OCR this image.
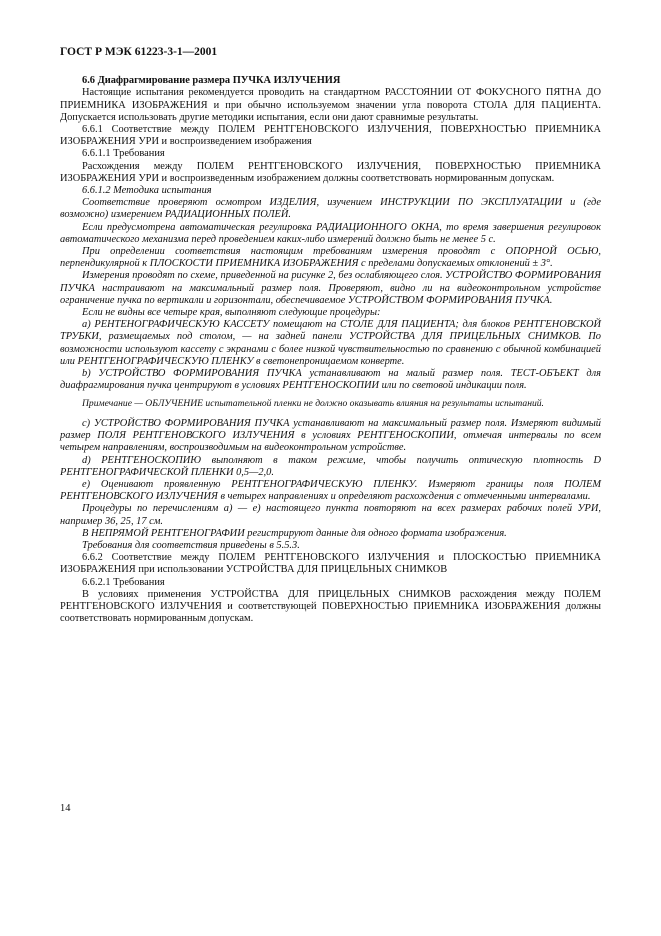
ГОСТ Р МЭК 61223-3-1—2001

6.6 Диафрагмирование размера ПУЧКА ИЗЛУЧЕНИЯ

Настоящие испытания рекомендуется проводить на стандартном РАССТОЯНИИ ОТ ФОКУСНОГО ПЯТНА ДО ПРИЕМНИКА ИЗОБРАЖЕНИЯ и при обычно используемом значении угла поворота СТОЛА ДЛЯ ПАЦИЕНТА. Допускается использовать другие методики испытания, если они дают сравнимые результаты.

6.6.1 Соответствие между ПОЛЕМ РЕНТГЕНОВСКОГО ИЗЛУЧЕНИЯ, ПОВЕРХНОСТЬЮ ПРИЕМНИКА ИЗОБРАЖЕНИЯ УРИ и воспроизведением изображения

6.6.1.1 Требования

Расхождения между ПОЛЕМ РЕНТГЕНОВСКОГО ИЗЛУЧЕНИЯ, ПОВЕРХНОСТЬЮ ПРИЕМНИКА ИЗОБРАЖЕНИЯ УРИ и воспроизведенным изображением должны соответствовать нормированным допускам.

6.6.1.2 Методика испытания

Соответствие проверяют осмотром ИЗДЕЛИЯ, изучением ИНСТРУКЦИИ ПО ЭКСПЛУАТАЦИИ и (где возможно) измерением РАДИАЦИОННЫХ ПОЛЕЙ.

Если предусмотрена автоматическая регулировка РАДИАЦИОННОГО ОКНА, то время завершения регулировок автоматического механизма перед проведением каких-либо измерений должно быть не менее 5 с.

При определении соответствия настоящим требованиям измерения проводят с ОПОРНОЙ ОСЬЮ, перпендикулярной к ПЛОСКОСТИ ПРИЕМНИКА ИЗОБРАЖЕНИЯ с пределами допускаемых отклонений ± 3°.

Измерения проводят по схеме, приведенной на рисунке 2, без ослабляющего слоя. УСТРОЙСТВО ФОРМИРОВАНИЯ ПУЧКА настраивают на максимальный размер поля. Проверяют, видно ли на видеоконтрольном устройстве ограничение пучка по вертикали и горизонтали, обеспечиваемое УСТРОЙСТВОМ ФОРМИРОВАНИЯ ПУЧКА.

Если не видны все четыре края, выполняют следующие процедуры:

a) РЕНТЕНОГРАФИЧЕСКУЮ КАССЕТУ помещают на СТОЛЕ ДЛЯ ПАЦИЕНТА; для блоков РЕНТГЕНОВСКОЙ ТРУБКИ, размещаемых под столом, — на задней панели УСТРОЙСТВА ДЛЯ ПРИЦЕЛЬНЫХ СНИМКОВ. По возможности используют кассету с экранами с более низкой чувствительностью по сравнению с обычной комбинацией или РЕНТГЕНОГРАФИЧЕСКУЮ ПЛЕНКУ в светонепроницаемом конверте.

b) УСТРОЙСТВО ФОРМИРОВАНИЯ ПУЧКА устанавливают на малый размер поля. ТЕСТ-ОБЪЕКТ для диафрагмирования пучка центрируют в условиях РЕНТГЕНОСКОПИИ или по световой индикации поля.

Примечание — ОБЛУЧЕНИЕ испытательной пленки не должно оказывать влияния на результаты испытаний.

c) УСТРОЙСТВО ФОРМИРОВАНИЯ ПУЧКА устанавливают на максимальный размер поля. Измеряют видимый размер ПОЛЯ РЕНТГЕНОВСКОГО ИЗЛУЧЕНИЯ в условиях РЕНТГЕНОСКОПИИ, отмечая интервалы по всем четырем направлениям, воспроизводимым на видеоконтрольном устройстве.

d) РЕНТГЕНОСКОПИЮ выполняют в таком режиме, чтобы получить оптическую плотность D РЕНТГЕНОГРАФИЧЕСКОЙ ПЛЕНКИ 0,5—2,0.

e) Оценивают проявленную РЕНТГЕНОГРАФИЧЕСКУЮ ПЛЕНКУ. Измеряют границы поля ПОЛЕМ РЕНТГЕНОВСКОГО ИЗЛУЧЕНИЯ в четырех направлениях и определяют расхождения с отмеченными интервалами.

Процедуры по перечислениям a) — e) настоящего пункта повторяют на всех размерах рабочих полей УРИ, например 36, 25, 17 см.

В НЕПРЯМОЙ РЕНТГЕНОГРАФИИ регистрируют данные для одного формата изображения.

Требования для соответствия приведены в 5.5.3.

6.6.2 Соответствие между ПОЛЕМ РЕНТГЕНОВСКОГО ИЗЛУЧЕНИЯ и ПЛОСКОСТЬЮ ПРИЕМНИКА ИЗОБРАЖЕНИЯ при использовании УСТРОЙСТВА ДЛЯ ПРИЦЕЛЬНЫХ СНИМКОВ

6.6.2.1 Требования

В условиях применения УСТРОЙСТВА ДЛЯ ПРИЦЕЛЬНЫХ СНИМКОВ расхождения между ПОЛЕМ РЕНТГЕНОВСКОГО ИЗЛУЧЕНИЯ и соответствующей ПОВЕРХНОСТЬЮ ПРИЕМНИКА ИЗОБРАЖЕНИЯ должны соответствовать нормированным допускам.

14
